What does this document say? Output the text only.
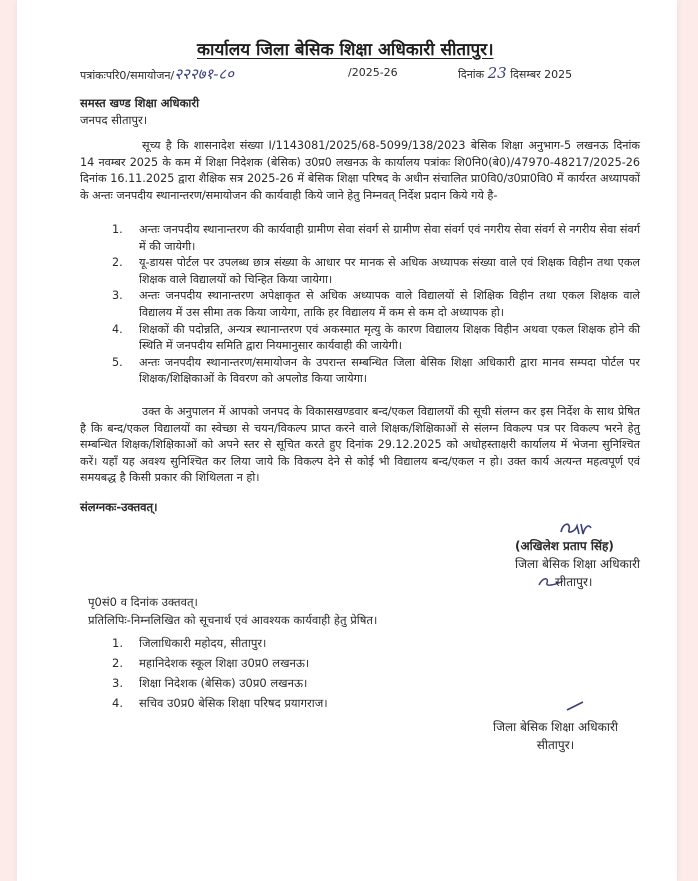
कार्यालय जिला बेसिक शिक्षा अधिकारी सीतापुर।
पत्रांकःपरि0/समायोजन/२२२७१-८०	/2025-26	दिनांक 23 दिसम्बर 2025
समस्त खण्ड शिक्षा अधिकारी
जनपद सीतापुर।
सूच्य है कि शासनादेश संख्या I/1143081/2025/68-5099/138/2023 बेसिक शिक्षा अनुभाग-5 लखनऊ दिनांक 14 नवम्बर 2025 के कम में शिक्षा निदेशक (बेसिक) उ0प्र0 लखनऊ के कार्यालय पत्रांकः शि0नि0(बे0)/47970-48217/2025-26 दिनांक 16.11.2025 द्वारा शैक्षिक सत्र 2025-26 में बेसिक शिक्षा परिषद के अधीन संचालित प्रा0वि0/उ0प्रा0वि0 में कार्यरत अध्यापकों के अन्तः जनपदीय स्थानान्तरण/समायोजन की कार्यवाही किये जाने हेतु निम्नवत् निर्देश प्रदान किये गये है-
1. अन्तः जनपदीय स्थानान्तरण की कार्यवाही ग्रामीण सेवा संवर्ग से ग्रामीण सेवा संवर्ग एवं नगरीय सेवा संवर्ग से नगरीय सेवा संवर्ग में की जायेगी।
2. यू-डायस पोर्टल पर उपलब्ध छात्र संख्या के आधार पर मानक से अधिक अध्यापक संख्या वाले एवं शिक्षक विहीन तथा एकल शिक्षक वाले विद्यालयों को चिन्हित किया जायेगा।
3. अन्तः जनपदीय स्थानान्तरण अपेक्षाकृत से अधिक अध्यापक वाले विद्यालयों से शिक्षिक विहीन तथा एकल शिक्षक वाले विद्यालय में उस सीमा तक किया जायेगा, ताकि हर विद्यालय में कम से कम दो अध्यापक हो।
4. शिक्षकों की पदोन्नति, अन्यत्र स्थानान्तरण एवं अकस्मात मृत्यु के कारण विद्यालय शिक्षक विहीन अथवा एकल शिक्षक होने की स्थिति में जनपदीय समिति द्वारा नियमानुसार कार्यवाही की जायेगी।
5. अन्तः जनपदीय स्थानान्तरण/समायोजन के उपरान्त सम्बन्धित जिला बेसिक शिक्षा अधिकारी द्वारा मानव सम्पदा पोर्टल पर शिक्षक/शिक्षिकाओं के विवरण को अपलोड किया जायेगा।
उक्त के अनुपालन में आपको जनपद के विकासखण्डवार बन्द/एकल विद्यालयों की सूची संलग्न कर इस निर्देश के साथ प्रेषित है कि बन्द/एकल विद्यालयों का स्वेच्छा से चयन/विकल्प प्राप्त करने वाले शिक्षक/शिक्षिकाओं से संलग्न विकल्प पत्र पर विकल्प भरने हेतु सम्बन्धित शिक्षक/शिक्षिकाओं को अपने स्तर से सूचित करते हुए दिनांक 29.12.2025 को अधोहस्ताक्षरी कार्यालय में भेजना सुनिश्चित करें। यहाँ यह अवश्य सुनिश्चित कर लिया जाये कि विकल्प देने से कोई भी विद्यालय बन्द/एकल न हो। उक्त कार्य अत्यन्त महत्वपूर्ण एवं समयबद्ध है किसी प्रकार की शिथिलता न हो।
संलग्नकः-उक्तवत्।
(अखिलेश प्रताप सिंह)
जिला बेसिक शिक्षा अधिकारी
सीतापुर।
पृ0सं0 व दिनांक उक्तवत्।
प्रतिलिपिः-निम्नलिखित को सूचनार्थ एवं आवश्यक कार्यवाही हेतु प्रेषित।
1. जिलाधिकारी महोदय, सीतापुर।
2. महानिदेशक स्कूल शिक्षा उ0प्र0 लखनऊ।
3. शिक्षा निदेशक (बेसिक) उ0प्र0 लखनऊ।
4. सचिव उ0प्र0 बेसिक शिक्षा परिषद प्रयागराज।
जिला बेसिक शिक्षा अधिकारी
सीतापुर।
